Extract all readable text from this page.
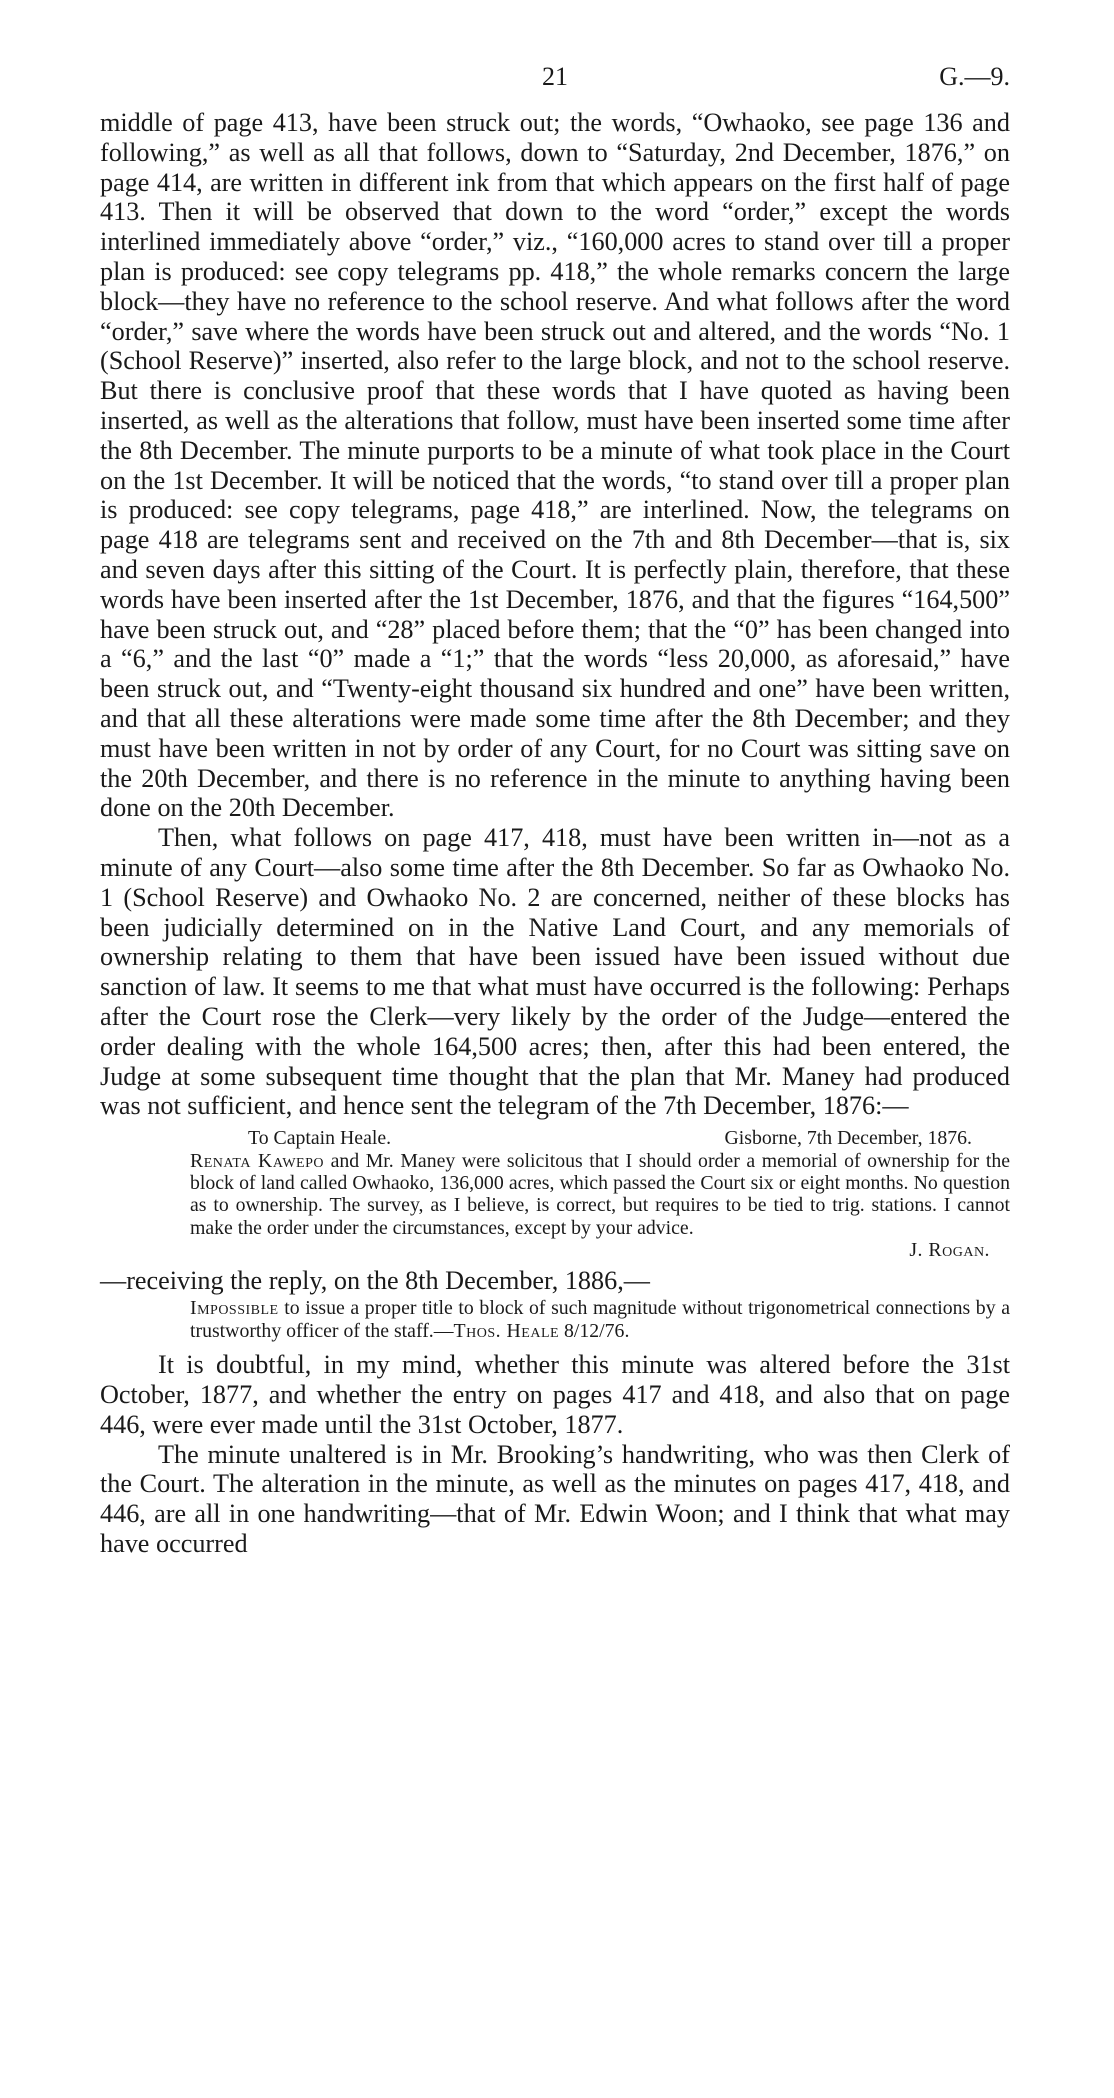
21	G.—9.

middle of page 413, have been struck out; the words, “Owhaoko, see page 136 and following,” as well as all that follows, down to “Saturday, 2nd December, 1876,” on page 414, are written in different ink from that which appears on the first half of page 413. Then it will be observed that down to the word “order,” except the words interlined immediately above “order,” viz., “160,000 acres to stand over till a proper plan is produced: see copy telegrams pp. 418,” the whole remarks concern the large block—they have no reference to the school reserve. And what follows after the word “order,” save where the words have been struck out and altered, and the words “No. 1 (School Reserve)” inserted, also refer to the large block, and not to the school reserve. But there is conclusive proof that these words that I have quoted as having been inserted, as well as the alterations that follow, must have been inserted some time after the 8th December. The minute purports to be a minute of what took place in the Court on the 1st December. It will be noticed that the words, “to stand over till a proper plan is produced: see copy telegrams, page 418,” are interlined. Now, the telegrams on page 418 are telegrams sent and received on the 7th and 8th December—that is, six and seven days after this sitting of the Court. It is perfectly plain, therefore, that these words have been inserted after the 1st December, 1876, and that the figures “164,500” have been struck out, and “28” placed before them; that the “0” has been changed into a “6,” and the last “0” made a “1;” that the words “less 20,000, as aforesaid,” have been struck out, and “Twenty-eight thousand six hundred and one” have been written, and that all these alterations were made some time after the 8th December; and they must have been written in not by order of any Court, for no Court was sitting save on the 20th December, and there is no reference in the minute to anything having been done on the 20th December.

Then, what follows on page 417, 418, must have been written in—not as a minute of any Court—also some time after the 8th December. So far as Owhaoko No. 1 (School Reserve) and Owhaoko No. 2 are concerned, neither of these blocks has been judicially determined on in the Native Land Court, and any memorials of ownership relating to them that have been issued have been issued without due sanction of law. It seems to me that what must have occurred is the following: Perhaps after the Court rose the Clerk—very likely by the order of the Judge—entered the order dealing with the whole 164,500 acres; then, after this had been entered, the Judge at some subsequent time thought that the plan that Mr. Maney had produced was not sufficient, and hence sent the telegram of the 7th December, 1876:—

To Captain Heale.	Gisborne, 7th December, 1876.
Renata Kawepo and Mr. Maney were solicitous that I should order a memorial of ownership for the block of land called Owhaoko, 136,000 acres, which passed the Court six or eight months. No question as to ownership. The survey, as I believe, is correct, but requires to be tied to trig. stations. I cannot make the order under the circumstances, except by your advice.
J. Rogan.

—receiving the reply, on the 8th December, 1886,—

Impossible to issue a proper title to block of such magnitude without trigonometrical connections by a trustworthy officer of the staff.—Thos. Heale 8/12/76.

It is doubtful, in my mind, whether this minute was altered before the 31st October, 1877, and whether the entry on pages 417 and 418, and also that on page 446, were ever made until the 31st October, 1877.

The minute unaltered is in Mr. Brooking’s handwriting, who was then Clerk of the Court. The alteration in the minute, as well as the minutes on pages 417, 418, and 446, are all in one handwriting—that of Mr. Edwin Woon; and I think that what may have occurred
